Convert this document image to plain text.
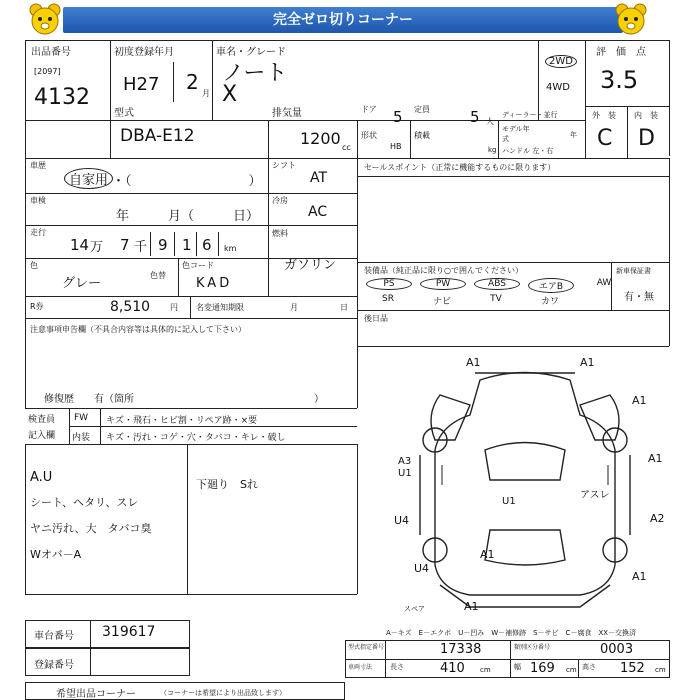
完全ゼロ切りコーナー
出品番号
[2097]
4132
初度登録年月
H27 2 月
車名・グレード
ノート
X
2WD
4WD
評　価　点
3.5
外　装 内　装
C D
型式
DBA-E12
排気量
1200 cc
ドア 5
形状
HB
定員	5 人
積載
kg
ディーラー・並行
モデル年式	年
ハンドル 左・右
車歴
自家用 ・（　　　　　　　　　）
シフト
AT
車検
年　　　月（　　　日）
冷房
AC
走行
14 万 7 千 9 1 6 km
燃料
ガソリン
色
グレー
色替
色コード
KAD
R券	8,510 円 名変通知期限	月	日
注意事項申告欄（不具合内容等は具体的に記入して下さい）
修復歴　　有（箇所　　　　　　　　　　　　　　　　　　）
セールスポイント（正常に機能するものに限ります）
装備品（純正品に限り○で囲んでください）	新車保証書
有・無
PS	PW	ABS	エアB	AW
SR	ナビ	TV	カワ
後日品
検査員
記入欄
FW キズ・飛石・ヒビ割・リペア跡・×要
内装 キズ・汚れ・コゲ・穴・タバコ・キレ・破し
A.U
シート、ヘタリ、スレ
ヤニ汚れ、大　タバコ臭
Wオバ－A
下廻り　Sれ
A1	A1
A1
A1
A3
U1
U1
アスレ
U4	A2
U4
A1
スペア	A1
A1
A－キズ　E－エクボ　U－凹み　W－補修跡　S－サビ　C－腐食　XX－交換済
車台番号 319617
登録番号
型式指定番号	17338	類別区分番号	0003
車両寸法	長さ	410 cm	幅 169 cm 高さ 152 cm
希望出品コーナー	（コーナーは希望により出品致します）
